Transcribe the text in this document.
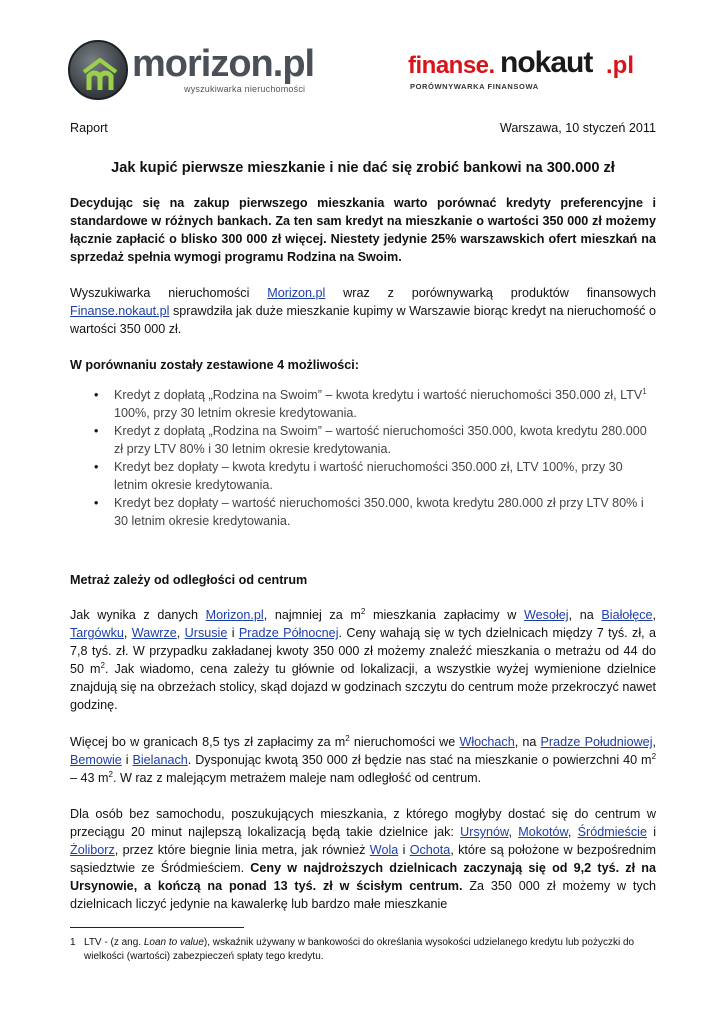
morizon.pl
wyszukiwarka nieruchomości
finanse. nokaut .pl
PORÓWNYWARKA FINANSOWA
Raport	Warszawa, 10 styczeń 2011
Jak kupić pierwsze mieszkanie i nie dać się zrobić bankowi na 300.000 zł
Decydując się na zakup pierwszego mieszkania warto porównać kredyty preferencyjne i standardowe w różnych bankach. Za ten sam kredyt na mieszkanie o wartości 350 000 zł możemy łącznie zapłacić o blisko 300 000 zł więcej. Niestety jedynie 25% warszawskich ofert mieszkań na sprzedaż spełnia wymogi programu Rodzina na Swoim.
Wyszukiwarka nieruchomości Morizon.pl wraz z porównywarką produktów finansowych Finanse.nokaut.pl sprawdziła jak duże mieszkanie kupimy w Warszawie biorąc kredyt na nieruchomość o wartości 350 000 zł.
W porównaniu zostały zestawione 4 możliwości:
• Kredyt z dopłatą „Rodzina na Swoim” – kwota kredytu i wartość nieruchomości 350.000 zł, LTV$^1$ 100%, przy 30 letnim okresie kredytowania.
• Kredyt z dopłatą „Rodzina na Swoim” – wartość nieruchomości 350.000, kwota kredytu 280.000 zł przy LTV 80% i 30 letnim okresie kredytowania.
• Kredyt bez dopłaty – kwota kredytu i wartość nieruchomości 350.000 zł, LTV 100%, przy 30 letnim okresie kredytowania.
• Kredyt bez dopłaty – wartość nieruchomości 350.000, kwota kredytu 280.000 zł przy LTV 80% i 30 letnim okresie kredytowania.
Metraż zależy od odległości od centrum
Jak wynika z danych Morizon.pl, najmniej za $m^2$ mieszkania zapłacimy w Wesołej, na Białołęce, Targówku, Wawrze, Ursusie i Pradze Północnej. Ceny wahają się w tych dzielnicach między 7 tyś. zł, a 7,8 tyś. zł. W przypadku zakładanej kwoty 350 000 zł możemy znaleźć mieszkania o metrażu od 44 do 50 $m^2$. Jak wiadomo, cena zależy tu głównie od lokalizacji, a wszystkie wyżej wymienione dzielnice znajdują się na obrzeżach stolicy, skąd dojazd w godzinach szczytu do centrum może przekroczyć nawet godzinę.
Więcej bo w granicach 8,5 tys zł zapłacimy za $m^2$ nieruchomości we Włochach, na Pradze Południowej, Bemowie i Bielanach. Dysponując kwotą 350 000 zł będzie nas stać na mieszkanie o powierzchni 40 $m^2 - 43$ $m^2$. W raz z malejącym metrażem maleje nam odległość od centrum.
Dla osób bez samochodu, poszukujących mieszkania, z którego mogłyby dostać się do centrum w przeciągu 20 minut najlepszą lokalizacją będą takie dzielnice jak: Ursynów, Mokotów, Śródmieście i Żoliborz, przez które biegnie linia metra, jak również Wola i Ochota, które są położone w bezpośrednim sąsiedztwie ze Śródmieściem. Ceny w najdroższych dzielnicach zaczynają się od 9,2 tyś. zł na Ursynowie, a kończą na ponad 13 tyś. zł w ścisłym centrum. Za 350 000 zł możemy w tych dzielnicach liczyć jedynie na kawalerkę lub bardzo małe mieszkanie
1 LTV - (z ang. Loan to value), wskaźnik używany w bankowości do określania wysokości udzielanego kredytu lub pożyczki do wielkości (wartości) zabezpieczeń spłaty tego kredytu.
